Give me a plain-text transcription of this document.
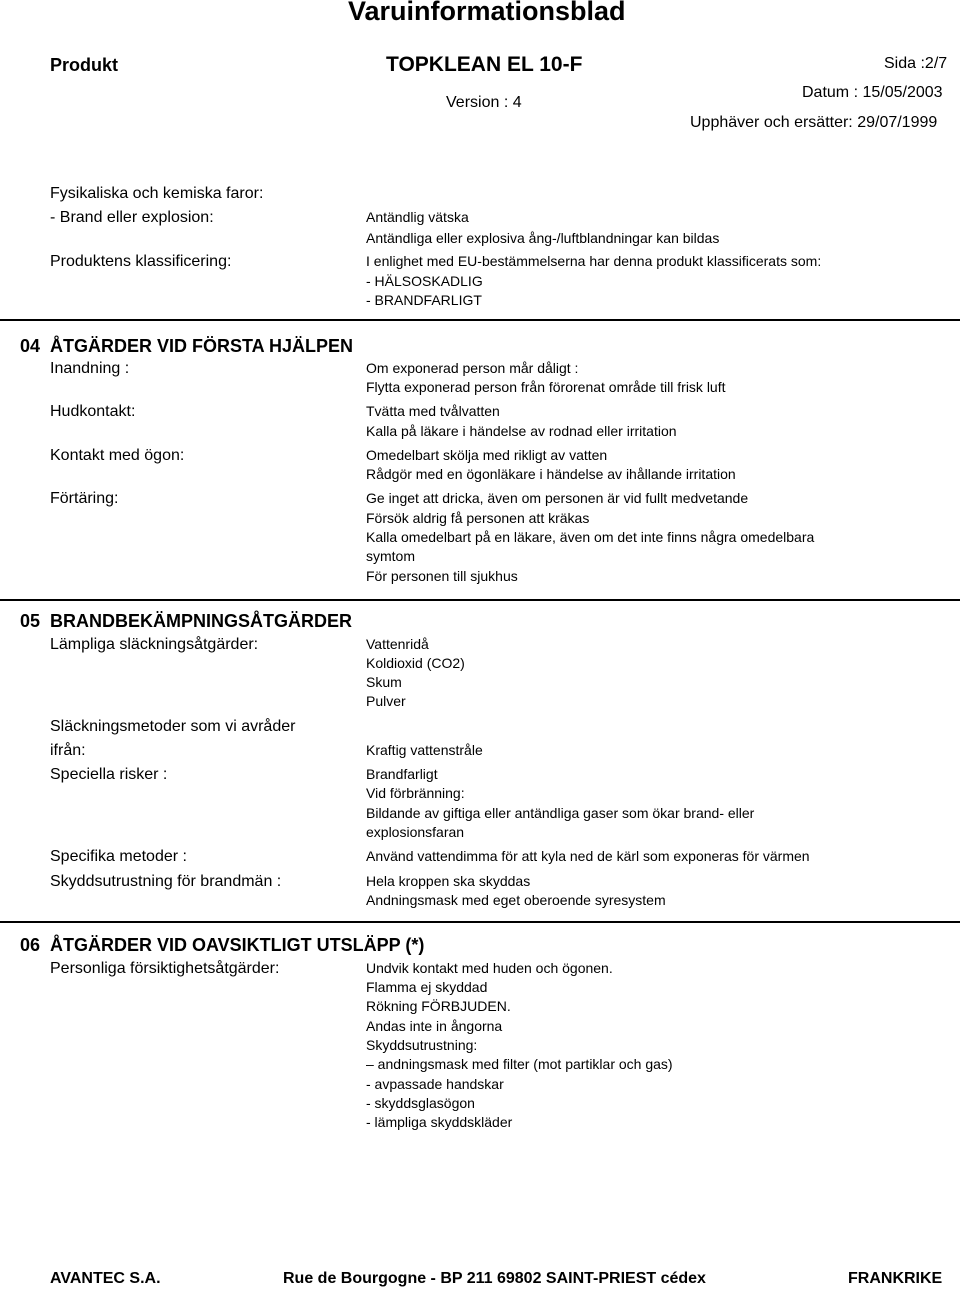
Varuinformationsblad
Produkt	TOPKLEAN EL 10-F	Sida :2/7
Version : 4
Datum : 15/05/2003
Upphäver och ersätter: 29/07/1999
Fysikaliska och kemiska faror:
- Brand eller explosion:	Antändlig vätska
Antändliga eller explosiva ång-/luftblandningar kan bildas
Produktens klassificering:	I enlighet med EU-bestämmelserna har denna produkt klassificerats som:
- HÄLSOSKADLIG
- BRANDFARLIGT
04 ÅTGÄRDER VID FÖRSTA HJÄLPEN
Inandning :	Om exponerad person mår dåligt :
Flytta exponerad person från förorenat område till frisk luft
Hudkontakt:	Tvätta med tvålvatten
Kalla på läkare i händelse av rodnad eller irritation
Kontakt med ögon:	Omedelbart skölja med rikligt av vatten
Rådgör med en ögonläkare i händelse av ihållande irritation
Förtäring:	Ge inget att dricka, även om personen är vid fullt medvetande
Försök aldrig få personen att kräkas
Kalla omedelbart på en läkare, även om det inte finns några omedelbara
symtom
För personen till sjukhus
05 BRANDBEKÄMPNINGSÅTGÄRDER
Lämpliga släckningsåtgärder:	Vattenridå
Koldioxid (CO2)
Skum
Pulver
Släckningsmetoder som vi avråder
ifrån:	Kraftig vattenstråle
Speciella risker :	Brandfarligt
Vid förbränning:
Bildande av giftiga eller antändliga gaser som ökar brand- eller
explosionsfaran
Specifika metoder :	Använd vattendimma för att kyla ned de kärl som exponeras för värmen
Skyddsutrustning för brandmän :	Hela kroppen ska skyddas
Andningsmask med eget oberoende syresystem
06 ÅTGÄRDER VID OAVSIKTLIGT UTSLÄPP (*)
Personliga försiktighetsåtgärder:	Undvik kontakt med huden och ögonen.
Flamma ej skyddad
Rökning FÖRBJUDEN.
Andas inte in ångorna
Skyddsutrustning:
– andningsmask med filter (mot partiklar och gas)
- avpassade handskar
- skyddsglasögon
- lämpliga skyddskläder
AVANTEC S.A.	Rue de Bourgogne - BP 211 69802 SAINT-PRIEST cédex	FRANKRIKE
